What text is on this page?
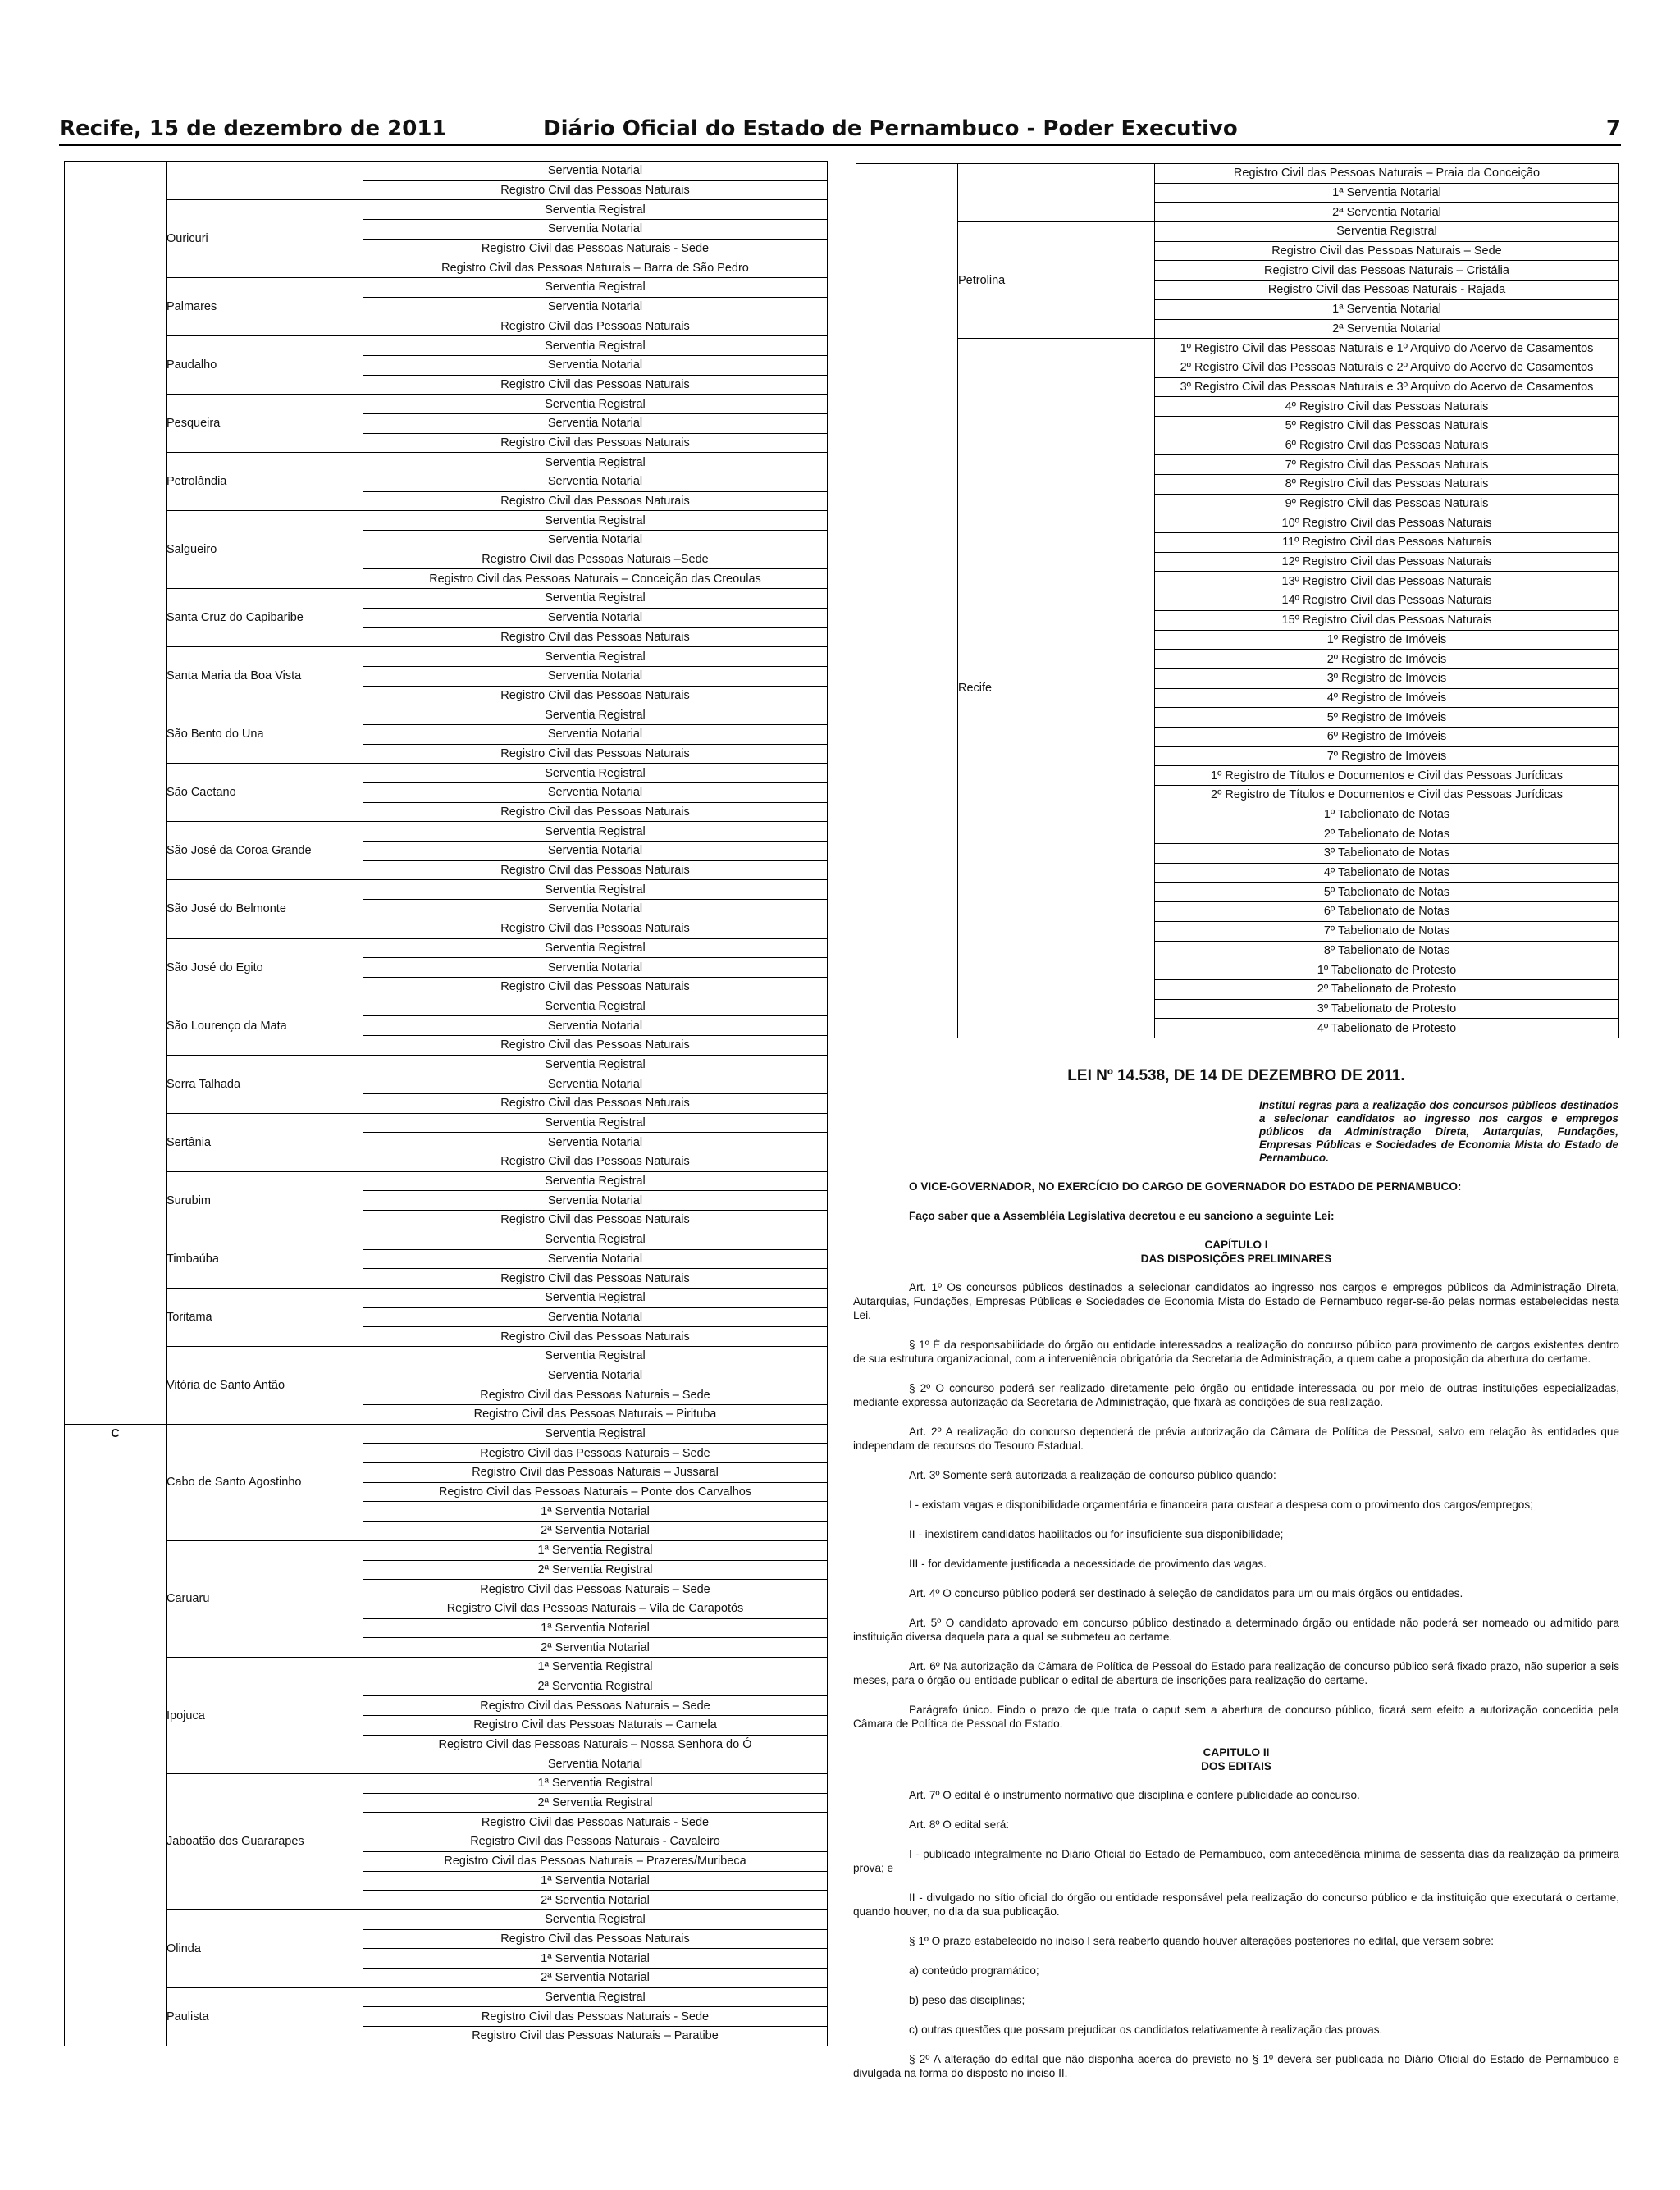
Recife, 15 de dezembro de 2011	Diário Oficial do Estado de Pernambuco - Poder Executivo	7
		Serventia Notarial
		Registro Civil das Pessoas Naturais
	Ouricuri	Serventia Registral
		Serventia Notarial
		Registro Civil das Pessoas Naturais - Sede
		Registro Civil das Pessoas Naturais – Barra de São Pedro
	Palmares	Serventia Registral
		Serventia Notarial
		Registro Civil das Pessoas Naturais
	Paudalho	Serventia Registral
		Serventia Notarial
		Registro Civil das Pessoas Naturais
	Pesqueira	Serventia Registral
		Serventia Notarial
		Registro Civil das Pessoas Naturais
	Petrolândia	Serventia Registral
		Serventia Notarial
		Registro Civil das Pessoas Naturais
	Salgueiro	Serventia Registral
		Serventia Notarial
		Registro Civil das Pessoas Naturais –Sede
		Registro Civil das Pessoas Naturais – Conceição das Creoulas
	Santa Cruz do Capibaribe	Serventia Registral
		Serventia Notarial
		Registro Civil das Pessoas Naturais
	Santa Maria da Boa Vista	Serventia Registral
		Serventia Notarial
		Registro Civil das Pessoas Naturais
	São Bento do Una	Serventia Registral
		Serventia Notarial
		Registro Civil das Pessoas Naturais
	São Caetano	Serventia Registral
		Serventia Notarial
		Registro Civil das Pessoas Naturais
	São José da Coroa Grande	Serventia Registral
		Serventia Notarial
		Registro Civil das Pessoas Naturais
	São José do Belmonte	Serventia Registral
		Serventia Notarial
		Registro Civil das Pessoas Naturais
	São José do Egito	Serventia Registral
		Serventia Notarial
		Registro Civil das Pessoas Naturais
	São Lourenço da Mata	Serventia Registral
		Serventia Notarial
		Registro Civil das Pessoas Naturais
	Serra Talhada	Serventia Registral
		Serventia Notarial
		Registro Civil das Pessoas Naturais
	Sertânia	Serventia Registral
		Serventia Notarial
		Registro Civil das Pessoas Naturais
	Surubim	Serventia Registral
		Serventia Notarial
		Registro Civil das Pessoas Naturais
	Timbaúba	Serventia Registral
		Serventia Notarial
		Registro Civil das Pessoas Naturais
	Toritama	Serventia Registral
		Serventia Notarial
		Registro Civil das Pessoas Naturais
	Vitória de Santo Antão	Serventia Registral
		Serventia Notarial
		Registro Civil das Pessoas Naturais – Sede
		Registro Civil das Pessoas Naturais – Pirituba
C	Cabo de Santo Agostinho	Serventia Registral
		Registro Civil das Pessoas Naturais – Sede
		Registro Civil das Pessoas Naturais – Jussaral
		Registro Civil das Pessoas Naturais – Ponte dos Carvalhos
		1ª Serventia Notarial
		2ª Serventia Notarial
	Caruaru	1ª Serventia Registral
		2ª Serventia Registral
		Registro Civil das Pessoas Naturais – Sede
		Registro Civil das Pessoas Naturais – Vila de Carapotós
		1ª Serventia Notarial
		2ª Serventia Notarial
	Ipojuca	1ª Serventia Registral
		2ª Serventia Registral
		Registro Civil das Pessoas Naturais – Sede
		Registro Civil das Pessoas Naturais – Camela
		Registro Civil das Pessoas Naturais – Nossa Senhora do Ó
		Serventia Notarial
	Jaboatão dos Guararapes	1ª Serventia Registral
		2ª Serventia Registral
		Registro Civil das Pessoas Naturais - Sede
		Registro Civil das Pessoas Naturais - Cavaleiro
		Registro Civil das Pessoas Naturais – Prazeres/Muribeca
		1ª Serventia Notarial
		2ª Serventia Notarial
	Olinda	Serventia Registral
		Registro Civil das Pessoas Naturais
		1ª Serventia Notarial
		2ª Serventia Notarial
	Paulista	Serventia Registral
		Registro Civil das Pessoas Naturais - Sede
		Registro Civil das Pessoas Naturais – Paratibe
		Registro Civil das Pessoas Naturais – Praia da Conceição
		1ª Serventia Notarial
		2ª Serventia Notarial
	Petrolina	Serventia Registral
		Registro Civil das Pessoas Naturais – Sede
		Registro Civil das Pessoas Naturais – Cristália
		Registro Civil das Pessoas Naturais - Rajada
		1ª Serventia Notarial
		2ª Serventia Notarial
	Recife	1º Registro Civil das Pessoas Naturais e 1º Arquivo do Acervo de Casamentos
		2º Registro Civil das Pessoas Naturais e 2º Arquivo do Acervo de Casamentos
		3º Registro Civil das Pessoas Naturais e 3º Arquivo do Acervo de Casamentos
		4º Registro Civil das Pessoas Naturais
		5º Registro Civil das Pessoas Naturais
		6º Registro Civil das Pessoas Naturais
		7º Registro Civil das Pessoas Naturais
		8º Registro Civil das Pessoas Naturais
		9º Registro Civil das Pessoas Naturais
		10º Registro Civil das Pessoas Naturais
		11º Registro Civil das Pessoas Naturais
		12º Registro Civil das Pessoas Naturais
		13º Registro Civil das Pessoas Naturais
		14º Registro Civil das Pessoas Naturais
		15º Registro Civil das Pessoas Naturais
		1º Registro de Imóveis
		2º Registro de Imóveis
		3º Registro de Imóveis
		4º Registro de Imóveis
		5º Registro de Imóveis
		6º Registro de Imóveis
		7º Registro de Imóveis
		1º Registro de Títulos e Documentos e Civil das Pessoas Jurídicas
		2º Registro de Títulos e Documentos e Civil das Pessoas Jurídicas
		1º Tabelionato de Notas
		2º Tabelionato de Notas
		3º Tabelionato de Notas
		4º Tabelionato de Notas
		5º Tabelionato de Notas
		6º Tabelionato de Notas
		7º Tabelionato de Notas
		8º Tabelionato de Notas
		1º Tabelionato de Protesto
		2º Tabelionato de Protesto
		3º Tabelionato de Protesto
		4º Tabelionato de Protesto
LEI Nº 14.538, DE 14 DE DEZEMBRO DE 2011.
Institui regras para a realização dos concursos públicos destinados a selecionar candidatos ao ingresso nos cargos e empregos públicos da Administração Direta, Autarquias, Fundações, Empresas Públicas e Sociedades de Economia Mista do Estado de Pernambuco.

O VICE-GOVERNADOR, NO EXERCÍCIO DO CARGO DE GOVERNADOR DO ESTADO DE PERNAMBUCO:

Faço saber que a Assembléia Legislativa decretou e eu sanciono a seguinte Lei:

CAPÍTULO I
DAS DISPOSIÇÕES PRELIMINARES

Art. 1º Os concursos públicos destinados a selecionar candidatos ao ingresso nos cargos e empregos públicos da Administração Direta, Autarquias, Fundações, Empresas Públicas e Sociedades de Economia Mista do Estado de Pernambuco reger-se-ão pelas normas estabelecidas nesta Lei.

§ 1º É da responsabilidade do órgão ou entidade interessados a realização do concurso público para provimento de cargos existentes dentro de sua estrutura organizacional, com a interveniência obrigatória da Secretaria de Administração, a quem cabe a proposição da abertura do certame.

§ 2º O concurso poderá ser realizado diretamente pelo órgão ou entidade interessada ou por meio de outras instituições especializadas, mediante expressa autorização da Secretaria de Administração, que fixará as condições de sua realização.

Art. 2º A realização do concurso dependerá de prévia autorização da Câmara de Política de Pessoal, salvo em relação às entidades que independam de recursos do Tesouro Estadual.

Art. 3º Somente será autorizada a realização de concurso público quando:

I - existam vagas e disponibilidade orçamentária e financeira para custear a despesa com o provimento dos cargos/empregos;

II - inexistirem candidatos habilitados ou for insuficiente sua disponibilidade;

III - for devidamente justificada a necessidade de provimento das vagas.

Art. 4º O concurso público poderá ser destinado à seleção de candidatos para um ou mais órgãos ou entidades.

Art. 5º O candidato aprovado em concurso público destinado a determinado órgão ou entidade não poderá ser nomeado ou admitido para instituição diversa daquela para a qual se submeteu ao certame.

Art. 6º Na autorização da Câmara de Política de Pessoal do Estado para realização de concurso público será fixado prazo, não superior a seis meses, para o órgão ou entidade publicar o edital de abertura de inscrições para realização do certame.

Parágrafo único. Findo o prazo de que trata o caput sem a abertura de concurso público, ficará sem efeito a autorização concedida pela Câmara de Política de Pessoal do Estado.

CAPITULO II
DOS EDITAIS

Art. 7º O edital é o instrumento normativo que disciplina e confere publicidade ao concurso.

Art. 8º O edital será:

I - publicado integralmente no Diário Oficial do Estado de Pernambuco, com antecedência mínima de sessenta dias da realização da primeira prova; e

II - divulgado no sítio oficial do órgão ou entidade responsável pela realização do concurso público e da instituição que executará o certame, quando houver, no dia da sua publicação.

§ 1º O prazo estabelecido no inciso I será reaberto quando houver alterações posteriores no edital, que versem sobre:

a) conteúdo programático;

b) peso das disciplinas;

c) outras questões que possam prejudicar os candidatos relativamente à realização das provas.

§ 2º A alteração do edital que não disponha acerca do previsto no § 1º deverá ser publicada no Diário Oficial do Estado de Pernambuco e divulgada na forma do disposto no inciso II.
